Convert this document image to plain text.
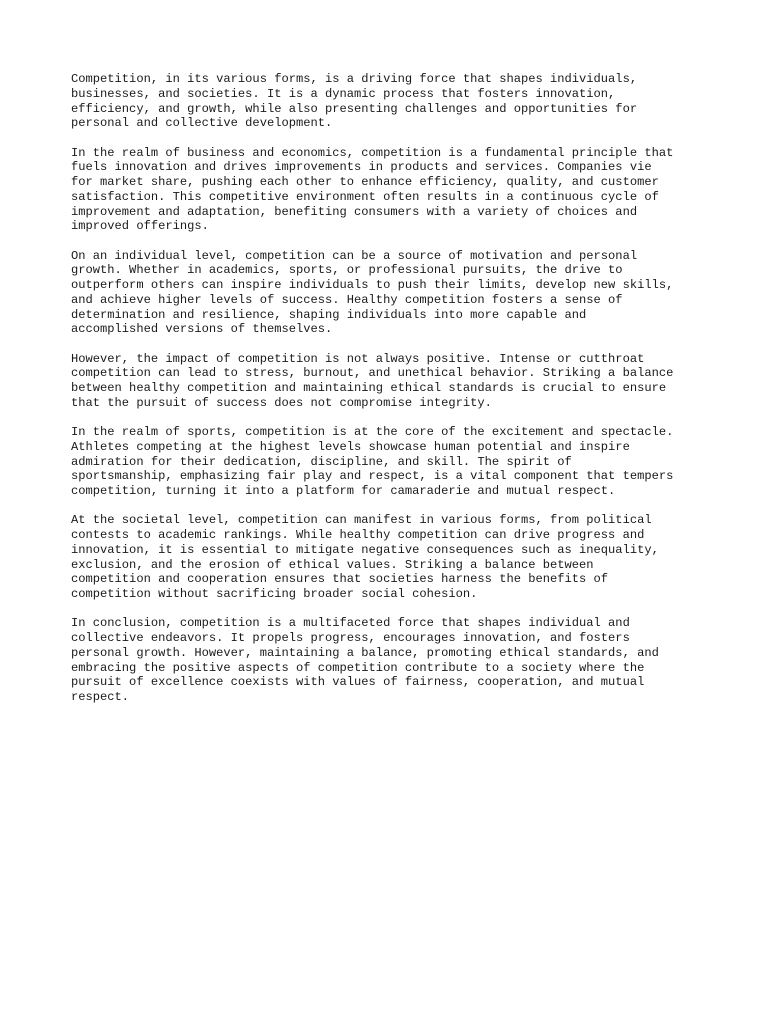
Competition, in its various forms, is a driving force that shapes individuals,
businesses, and societies. It is a dynamic process that fosters innovation,
efficiency, and growth, while also presenting challenges and opportunities for
personal and collective development.

In the realm of business and economics, competition is a fundamental principle that
fuels innovation and drives improvements in products and services. Companies vie
for market share, pushing each other to enhance efficiency, quality, and customer
satisfaction. This competitive environment often results in a continuous cycle of
improvement and adaptation, benefiting consumers with a variety of choices and
improved offerings.

On an individual level, competition can be a source of motivation and personal
growth. Whether in academics, sports, or professional pursuits, the drive to
outperform others can inspire individuals to push their limits, develop new skills,
and achieve higher levels of success. Healthy competition fosters a sense of
determination and resilience, shaping individuals into more capable and
accomplished versions of themselves.

However, the impact of competition is not always positive. Intense or cutthroat
competition can lead to stress, burnout, and unethical behavior. Striking a balance
between healthy competition and maintaining ethical standards is crucial to ensure
that the pursuit of success does not compromise integrity.

In the realm of sports, competition is at the core of the excitement and spectacle.
Athletes competing at the highest levels showcase human potential and inspire
admiration for their dedication, discipline, and skill. The spirit of
sportsmanship, emphasizing fair play and respect, is a vital component that tempers
competition, turning it into a platform for camaraderie and mutual respect.

At the societal level, competition can manifest in various forms, from political
contests to academic rankings. While healthy competition can drive progress and
innovation, it is essential to mitigate negative consequences such as inequality,
exclusion, and the erosion of ethical values. Striking a balance between
competition and cooperation ensures that societies harness the benefits of
competition without sacrificing broader social cohesion.

In conclusion, competition is a multifaceted force that shapes individual and
collective endeavors. It propels progress, encourages innovation, and fosters
personal growth. However, maintaining a balance, promoting ethical standards, and
embracing the positive aspects of competition contribute to a society where the
pursuit of excellence coexists with values of fairness, cooperation, and mutual
respect.
